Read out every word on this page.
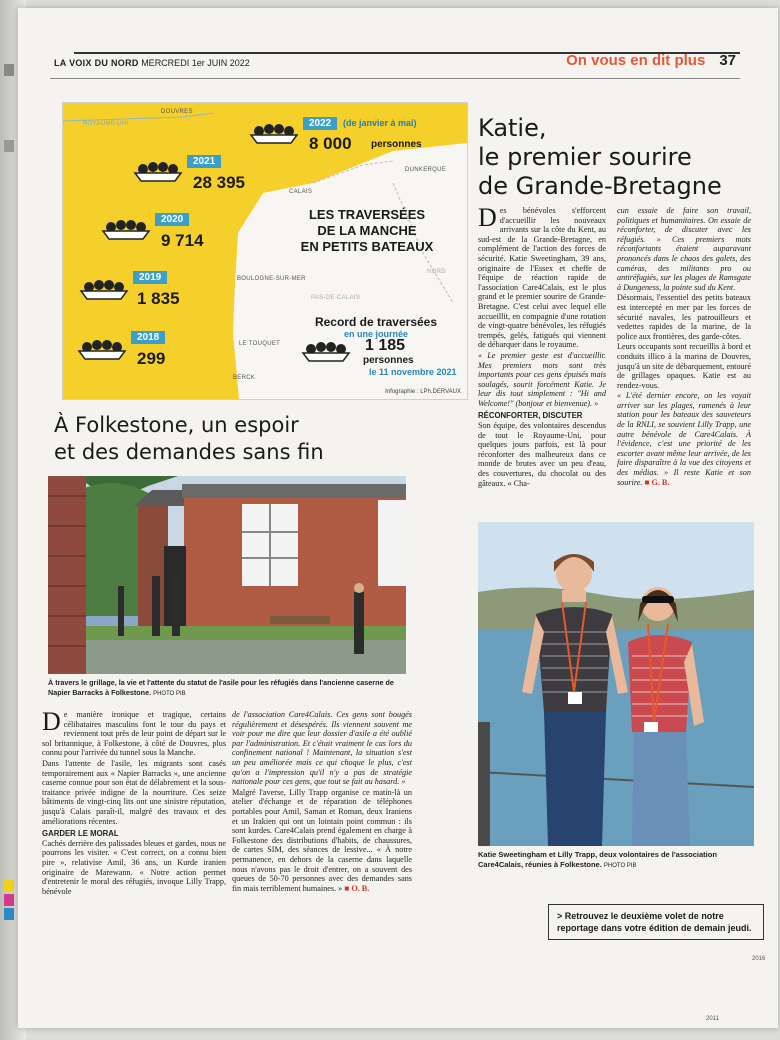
LA VOIX DU NORD MERCREDI 1er JUIN 2022	On vous en dit plus 37
ROYAUME-UNI
DOUVRES
CALAIS
DUNKERQUE
BOULOGNE-SUR-MER
NORD
PAS-DE-CALAIS
LE TOUQUET
BERCK
2022	(de janvier à mai)
8 000 personnes
2021
28 395
2020
9 714
2019
1 835
2018
299
LES TRAVERSÉES
DE LA MANCHE
EN PETITS BATEAUX
Record de traversées
en une journée
1 185
personnes
le 11 novembre 2021
Infographie : LPh.DERVAUX
Katie,
le premier sourire
de Grande-Bretagne

Des bénévoles s'efforcent d'accueillir les nouveaux arrivants sur la côte du Kent, au sud-est de la Grande-Bretagne, en complément de l'action des forces de sécurité. Katie Sweetingham, 39 ans, originaire de l'Essex et cheffe de l'équipe de réaction rapide de l'association Care4Calais, est le plus grand et le premier sourire de Grande-Bretagne. C'est celui avec lequel elle accueillit, en compagnie d'une rotation de vingt-quatre bénévoles, les réfugiés trempés, gelés, fatigués qui viennent de débarquer dans le royaume.

« Le premier geste est d'accueillir. Mes premiers mots sont très importants pour ces gens épuisés mais soulagés, sourit forcément Katie. Je leur dis tout simplement : "Hi and Welcome!" (bonjour et bienvenue). »

RÉCONFORTER, DISCUTER

Son équipe, des volontaires descendus de tout le Royaume-Uni, pour quelques jours parfois, est là pour réconforter des malheureux dans ce monde de brutes avec un peu d'eau, des couvertures, du chocolat ou des gâteaux. « Cha-

cun essaie de faire son travail, politiques et humanitaires. On essaie de réconforter, de discuter avec les réfugiés. » Ces premiers mots réconfortants étaient auparavant prononcés dans le chaos des galets, des caméras, des militants pro ou antiréfugiés, sur les plages de Ramsgate à Dungeness, la pointe sud du Kent.

Désormais, l'essentiel des petits bateaux est intercepté en mer par les forces de sécurité navales, les patrouilleurs et vedettes rapides de la marine, de la police aux frontières, des garde-côtes.

Leurs occupants sont recueillis à bord et conduits illico à la marina de Douvres, jusqu'à un site de débarquement, entouré de grillages opaques. Katie est au rendez-vous.

« L'été dernier encore, on les voyait arriver sur les plages, ramenés à leur station pour les bateaux des sauveteurs de la RNLI, se souvient Lilly Trapp, une autre bénévole de Care4Calais. À l'évidence, c'est une priorité de les escorter avant même leur arrivée, de les faire disparaître à la vue des citoyens et des médias. » Il reste Katie et son sourire. ■ G. B.

Katie Sweetingham et Lilly Trapp, deux volontaires de l'association Care4Calais, réunies à Folkestone. PHOTO PIB
À Folkestone, un espoir
et des demandes sans fin
À travers le grillage, la vie et l'attente du statut de l'asile pour les réfugiés dans l'ancienne caserne de Napier Barracks à Folkestone. PHOTO PIB

De manière ironique et tragique, certains célibataires masculins font le tour du pays et reviennent tout près de leur point de départ sur le sol britannique, à Folkestone, à côté de Douvres, plus connu pour l'arrivée du tunnel sous la Manche.

Dans l'attente de l'asile, les migrants sont casés temporairement aux « Napier Barracks », une ancienne caserne connue pour son état de délabrement et la sous-traitance privée indigne de la nourriture. Ces seize bâtiments de vingt-cinq lits ont une sinistre réputation, jusqu'à Calais paraît-il, malgré des travaux et des améliorations récentes.

GARDER LE MORAL

Cachés derrière des palissades bleues et gardes, nous ne pourrons les visiter. « C'est correct, on a connu bien pire », relativise Amil, 36 ans, un Kurde iranien originaire de Marewann. « Notre action permet d'entretenir le moral des réfugiés, invoque Lilly Trapp, bénévole

de l'association Care4Calais. Ces gens sont bougés régulièrement et désespérés. Ils viennent souvent me voir pour me dire que leur dossier d'asile a été oublié par l'administration. Et c'était vraiment le cas lors du confinement national ! Maintenant, la situation s'est un peu améliorée mais ce qui choque le plus, c'est qu'on a l'impression qu'il n'y a pas de stratégie nationale pour ces gens, que tout se fait au hasard. »

Malgré l'averse, Lilly Trapp organise ce matin-là un atelier d'échange et de réparation de téléphones portables pour Amil, Saman et Roman, deux Iraniens et un Irakien qui ont un lointain point commun : ils sont kurdes. Care4Calais prend également en charge à Folkestone des distributions d'habits, de chaussures, de cartes SIM, des séances de lessive... « À notre permanence, en dehors de la caserne dans laquelle nous n'avons pas le droit d'entrer, on a souvent des queues de 50-70 personnes avec des demandes sans fin mais terriblement humaines. » ■ O. B.

> Retrouvez le deuxième volet de notre reportage dans votre édition de demain jeudi.
2016
2011
